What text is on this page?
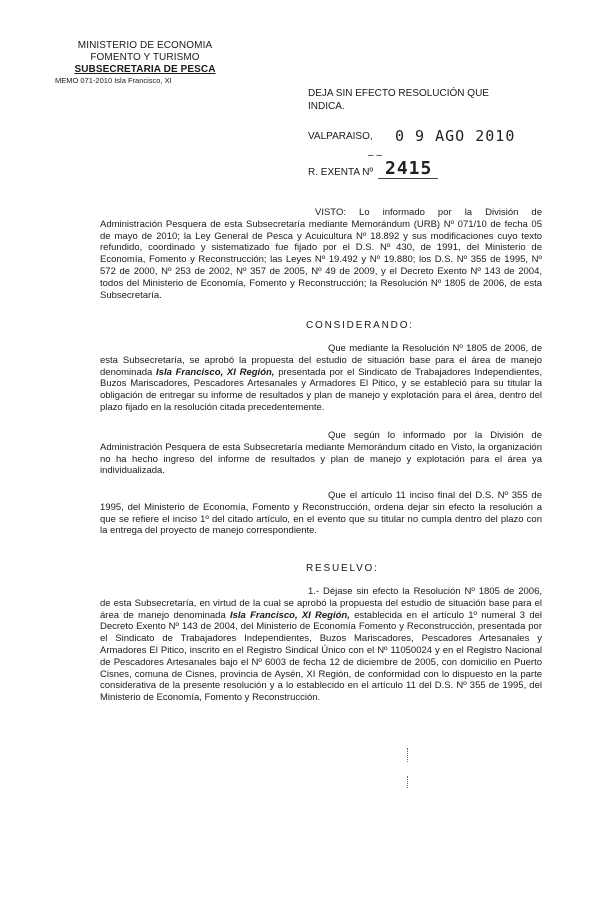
MINISTERIO DE ECONOMIA
FOMENTO Y TURISMO
SUBSECRETARIA DE PESCA
MEMO 071-2010 Isla Francisco, XI
DEJA SIN EFECTO RESOLUCIÓN QUE
INDICA.
VALPARAISO, 0 9 AGO 2010
– –
R. EXENTA Nº 2415
VISTO: Lo informado por la División de Administración Pesquera de esta Subsecretaría mediante Memorándum (URB) Nº 071/10 de fecha 05 de mayo de 2010; la Ley General de Pesca y Acuicultura Nº 18.892 y sus modificaciones cuyo texto refundido, coordinado y sistematizado fue fijado por el D.S. Nº 430, de 1991, del Ministerio de Economía, Fomento y Reconstrucción; las Leyes Nº 19.492 y Nº 19.880; los D.S. Nº 355 de 1995, Nº 572 de 2000, Nº 253 de 2002, Nº 357 de 2005, Nº 49 de 2009, y el Decreto Exento Nº 143 de 2004, todos del Ministerio de Economía, Fomento y Reconstrucción; la Resolución Nº 1805 de 2006, de esta Subsecretaría.
CONSIDERANDO:
Que mediante la Resolución Nº 1805 de 2006, de esta Subsecretaría, se aprobó la propuesta del estudio de situación base para el área de manejo denominada Isla Francisco, XI Región, presentada por el Sindicato de Trabajadores Independientes, Buzos Mariscadores, Pescadores Artesanales y Armadores El Pitico, y se estableció para su titular la obligación de entregar su informe de resultados y plan de manejo y explotación para el área, dentro del plazo fijado en la resolución citada precedentemente.
Que según lo informado por la División de Administración Pesquera de esta Subsecretaría mediante Memorándum citado en Visto, la organización no ha hecho ingreso del informe de resultados y plan de manejo y explotación para el área ya individualizada.
Que el artículo 11 inciso final del D.S. Nº 355 de 1995, del Ministerio de Economía, Fomento y Reconstrucción, ordena dejar sin efecto la resolución a que se refiere el inciso 1º del citado artículo, en el evento que su titular no cumpla dentro del plazo con la entrega del proyecto de manejo correspondiente.
RESUELVO:
1.- Déjase sin efecto la Resolución Nº 1805 de 2006, de esta Subsecretaría, en virtud de la cual se aprobó la propuesta del estudio de situación base para el área de manejo denominada Isla Francisco, XI Región, establecida en el artículo 1º numeral 3 del Decreto Exento Nº 143 de 2004, del Ministerio de Economía Fomento y Reconstrucción, presentada por el Sindicato de Trabajadores Independientes, Buzos Mariscadores, Pescadores Artesanales y Armadores El Pitico, inscrito en el Registro Sindical Único con el Nº 11050024 y en el Registro Nacional de Pescadores Artesanales bajo el Nº 6003 de fecha 12 de diciembre de 2005, con domicilio en Puerto Cisnes, comuna de Cisnes, provincia de Aysén, XI Región, de conformidad con lo dispuesto en la parte considerativa de la presente resolución y a lo establecido en el artículo 11 del D.S. Nº 355 de 1995, del Ministerio de Economía, Fomento y Reconstrucción.
